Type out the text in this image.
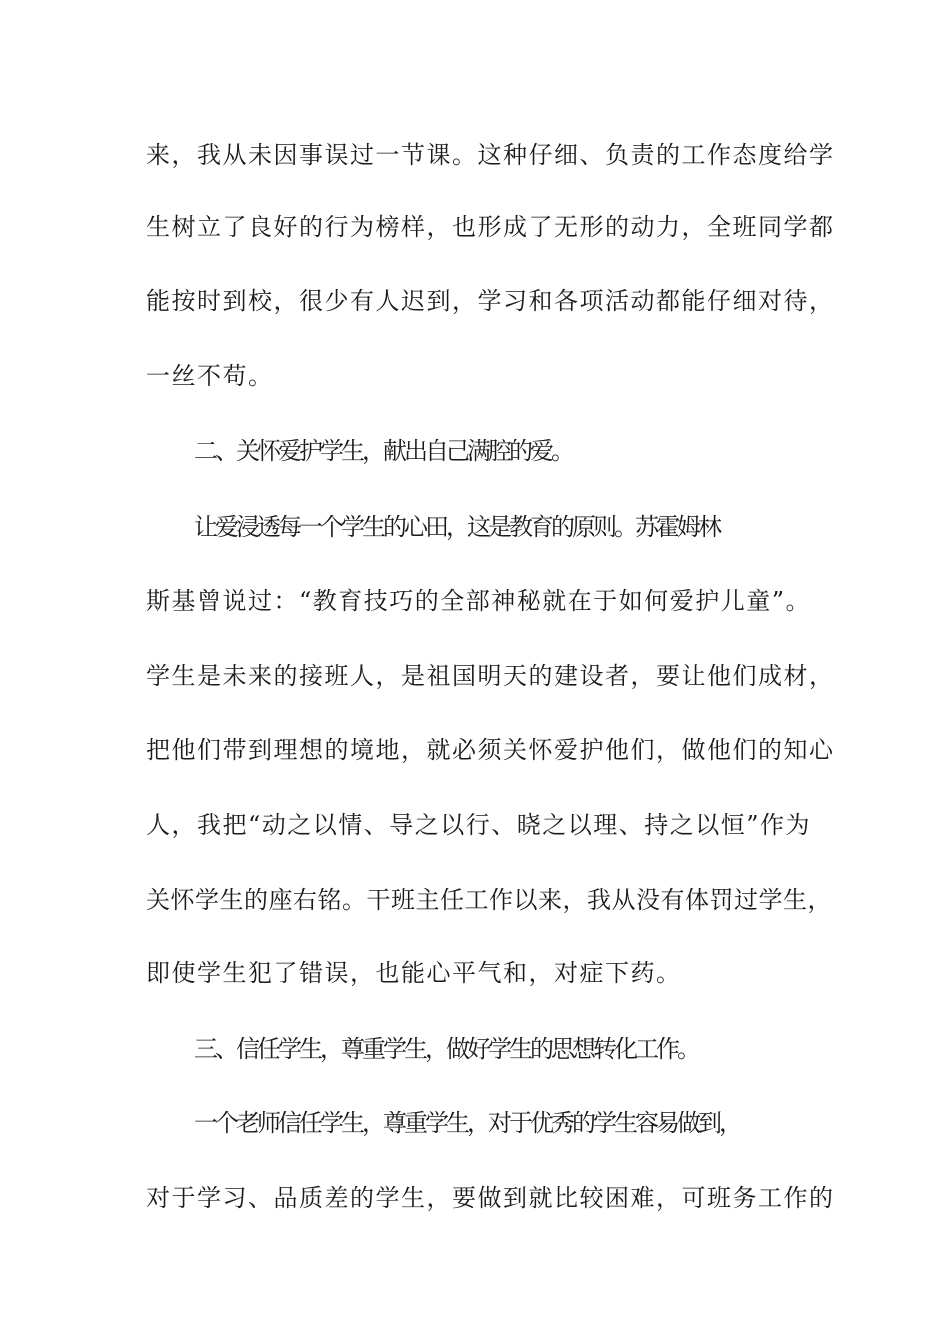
来，我从未因事误过一节课。这种仔细、负责的工作态度给学
生树立了良好的行为榜样，也形成了无形的动力，全班同学都
能按时到校，很少有人迟到，学习和各项活动都能仔细对待，
一丝不苟。
二、关怀爱护学生，献出自己满腔的爱。
让爱浸透每一个学生的心田，这是教育的原则。苏霍姆林
斯基曾说过：“教育技巧的全部神秘就在于如何爱护儿童”。
学生是未来的接班人，是祖国明天的建设者，要让他们成材，
把他们带到理想的境地，就必须关怀爱护他们，做他们的知心
人，我把“动之以情、导之以行、晓之以理、持之以恒”作为
关怀学生的座右铭。干班主任工作以来，我从没有体罚过学生，
即使学生犯了错误，也能心平气和，对症下药。
三、信任学生，尊重学生，做好学生的思想转化工作。
一个老师信任学生，尊重学生，对于优秀的学生容易做到，
对于学习、品质差的学生，要做到就比较困难，可班务工作的
